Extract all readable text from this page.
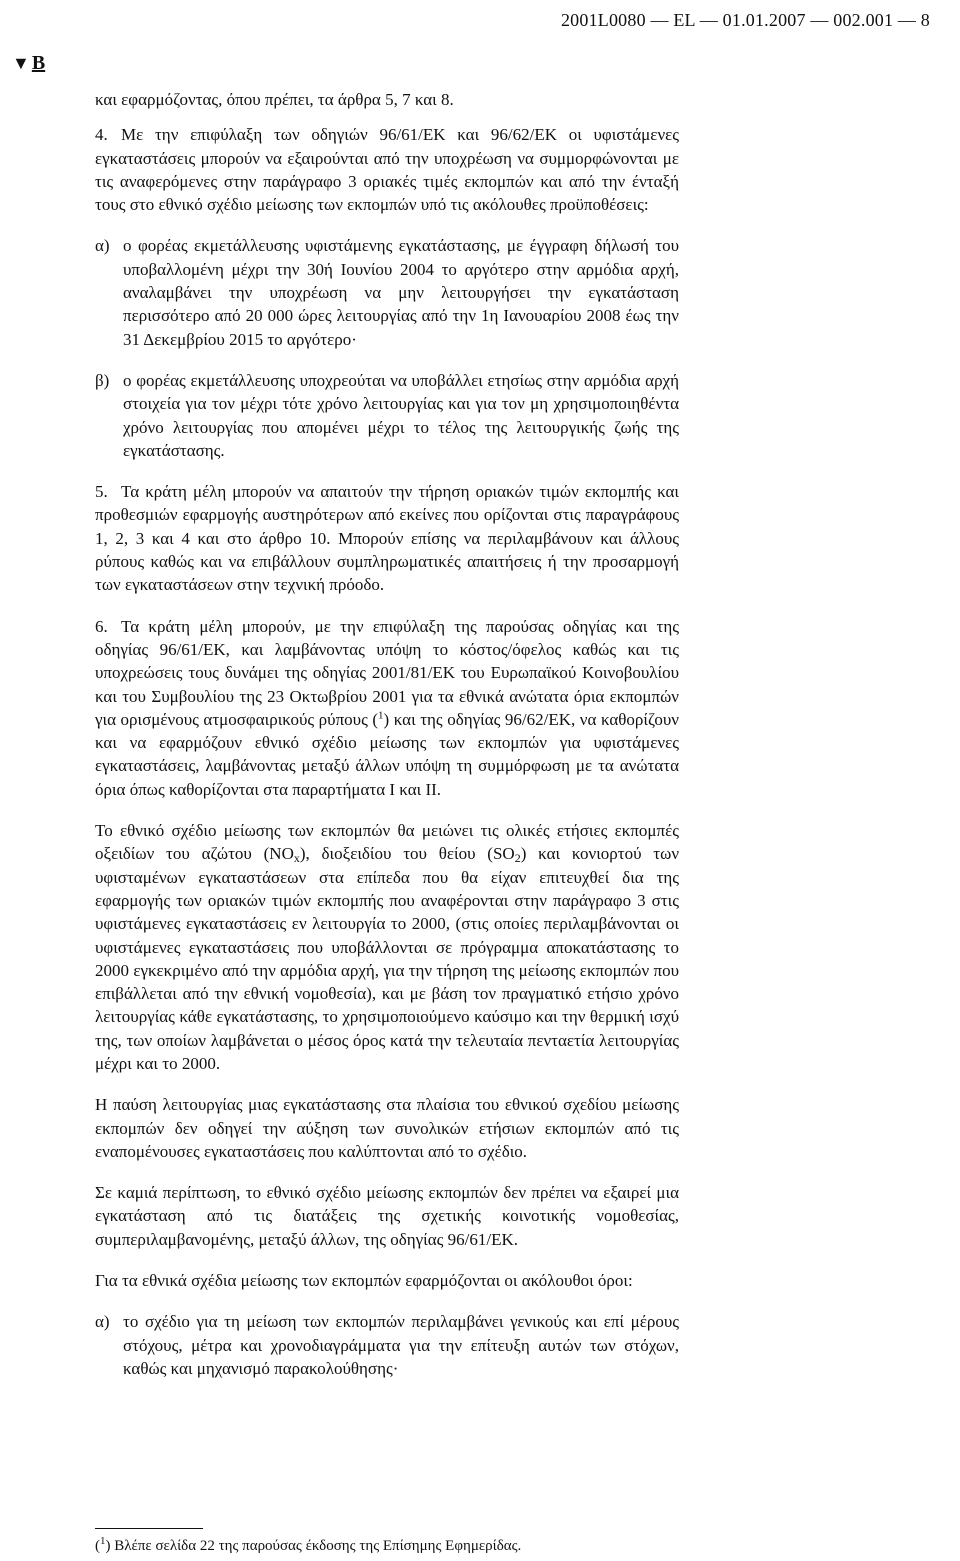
2001L0080 — EL — 01.01.2007 — 002.001 — 8
▼ B

και εφαρμόζοντας, όπου πρέπει, τα άρθρα 5, 7 και 8.

4. Με την επιφύλαξη των οδηγιών 96/61/ΕΚ και 96/62/ΕΚ οι υφιστάμενες εγκαταστάσεις μπορούν να εξαιρούνται από την υποχρέωση να συμμορφώνονται με τις αναφερόμενες στην παράγραφο 3 οριακές τιμές εκπομπών και από την ένταξή τους στο εθνικό σχέδιο μείωσης των εκπομπών υπό τις ακόλουθες προϋποθέσεις:

α) ο φορέας εκμετάλλευσης υφιστάμενης εγκατάστασης, με έγγραφη δήλωσή του υποβαλλομένη μέχρι την 30ή Ιουνίου 2004 το αργότερο στην αρμόδια αρχή, αναλαμβάνει την υποχρέωση να μην λειτουργήσει την εγκατάσταση περισσότερο από 20 000 ώρες λειτουργίας από την 1η Ιανουαρίου 2008 έως την 31 Δεκεμβρίου 2015 το αργότερο·
β) ο φορέας εκμετάλλευσης υποχρεούται να υποβάλλει ετησίως στην αρμόδια αρχή στοιχεία για τον μέχρι τότε χρόνο λειτουργίας και για τον μη χρησιμοποιηθέντα χρόνο λειτουργίας που απομένει μέχρι το τέλος της λειτουργικής ζωής της εγκατάστασης.

5. Τα κράτη μέλη μπορούν να απαιτούν την τήρηση οριακών τιμών εκπομπής και προθεσμιών εφαρμογής αυστηρότερων από εκείνες που ορίζονται στις παραγράφους 1, 2, 3 και 4 και στο άρθρο 10. Μπορούν επίσης να περιλαμβάνουν και άλλους ρύπους καθώς και να επιβάλλουν συμπληρωματικές απαιτήσεις ή την προσαρμογή των εγκαταστάσεων στην τεχνική πρόοδο.

6. Τα κράτη μέλη μπορούν, με την επιφύλαξη της παρούσας οδηγίας και της οδηγίας 96/61/ΕΚ, και λαμβάνοντας υπόψη το κόστος/όφελος καθώς και τις υποχρεώσεις τους δυνάμει της οδηγίας 2001/81/ΕΚ του Ευρωπαϊκού Κοινοβουλίου και του Συμβουλίου της 23 Οκτωβρίου 2001 για τα εθνικά ανώτατα όρια εκπομπών για ορισμένους ατμοσφαιρικούς ρύπους ($^1$) και της οδηγίας 96/62/ΕΚ, να καθορίζουν και να εφαρμόζουν εθνικό σχέδιο μείωσης των εκπομπών για υφιστάμενες εγκαταστάσεις, λαμβάνοντας μεταξύ άλλων υπόψη τη συμμόρφωση με τα ανώτατα όρια όπως καθορίζονται στα παραρτήματα I και II.

Το εθνικό σχέδιο μείωσης των εκπομπών θα μειώνει τις ολικές ετήσιες εκπομπές οξειδίων του αζώτου $(NO_x)$, διοξειδίου του θείου $(SO_2)$ και κονιορτού των υφισταμένων εγκαταστάσεων στα επίπεδα που θα είχαν επιτευχθεί δια της εφαρμογής των οριακών τιμών εκπομπής που αναφέρονται στην παράγραφο 3 στις υφιστάμενες εγκαταστάσεις εν λειτουργία το 2000, (στις οποίες περιλαμβάνονται οι υφιστάμενες εγκαταστάσεις που υποβάλλονται σε πρόγραμμα αποκατάστασης το 2000 εγκεκριμένο από την αρμόδια αρχή, για την τήρηση της μείωσης εκπομπών που επιβάλλεται από την εθνική νομοθεσία), και με βάση τον πραγματικό ετήσιο χρόνο λειτουργίας κάθε εγκατάστασης, το χρησιμοποιούμενο καύσιμο και την θερμική ισχύ της, των οποίων λαμβάνεται ο μέσος όρος κατά την τελευταία πενταετία λειτουργίας μέχρι και το 2000.

Η παύση λειτουργίας μιας εγκατάστασης στα πλαίσια του εθνικού σχεδίου μείωσης εκπομπών δεν οδηγεί την αύξηση των συνολικών ετήσιων εκπομπών από τις εναπομένουσες εγκαταστάσεις που καλύπτονται από το σχέδιο.

Σε καμιά περίπτωση, το εθνικό σχέδιο μείωσης εκπομπών δεν πρέπει να εξαιρεί μια εγκατάσταση από τις διατάξεις της σχετικής κοινοτικής νομοθεσίας, συμπεριλαμβανομένης, μεταξύ άλλων, της οδηγίας 96/61/ΕΚ.

Για τα εθνικά σχέδια μείωσης των εκπομπών εφαρμόζονται οι ακόλουθοι όροι:

α) το σχέδιο για τη μείωση των εκπομπών περιλαμβάνει γενικούς και επί μέρους στόχους, μέτρα και χρονοδιαγράμματα για την επίτευξη αυτών των στόχων, καθώς και μηχανισμό παρακολούθησης·
($^1$) Βλέπε σελίδα 22 της παρούσας έκδοσης της Επίσημης Εφημερίδας.
